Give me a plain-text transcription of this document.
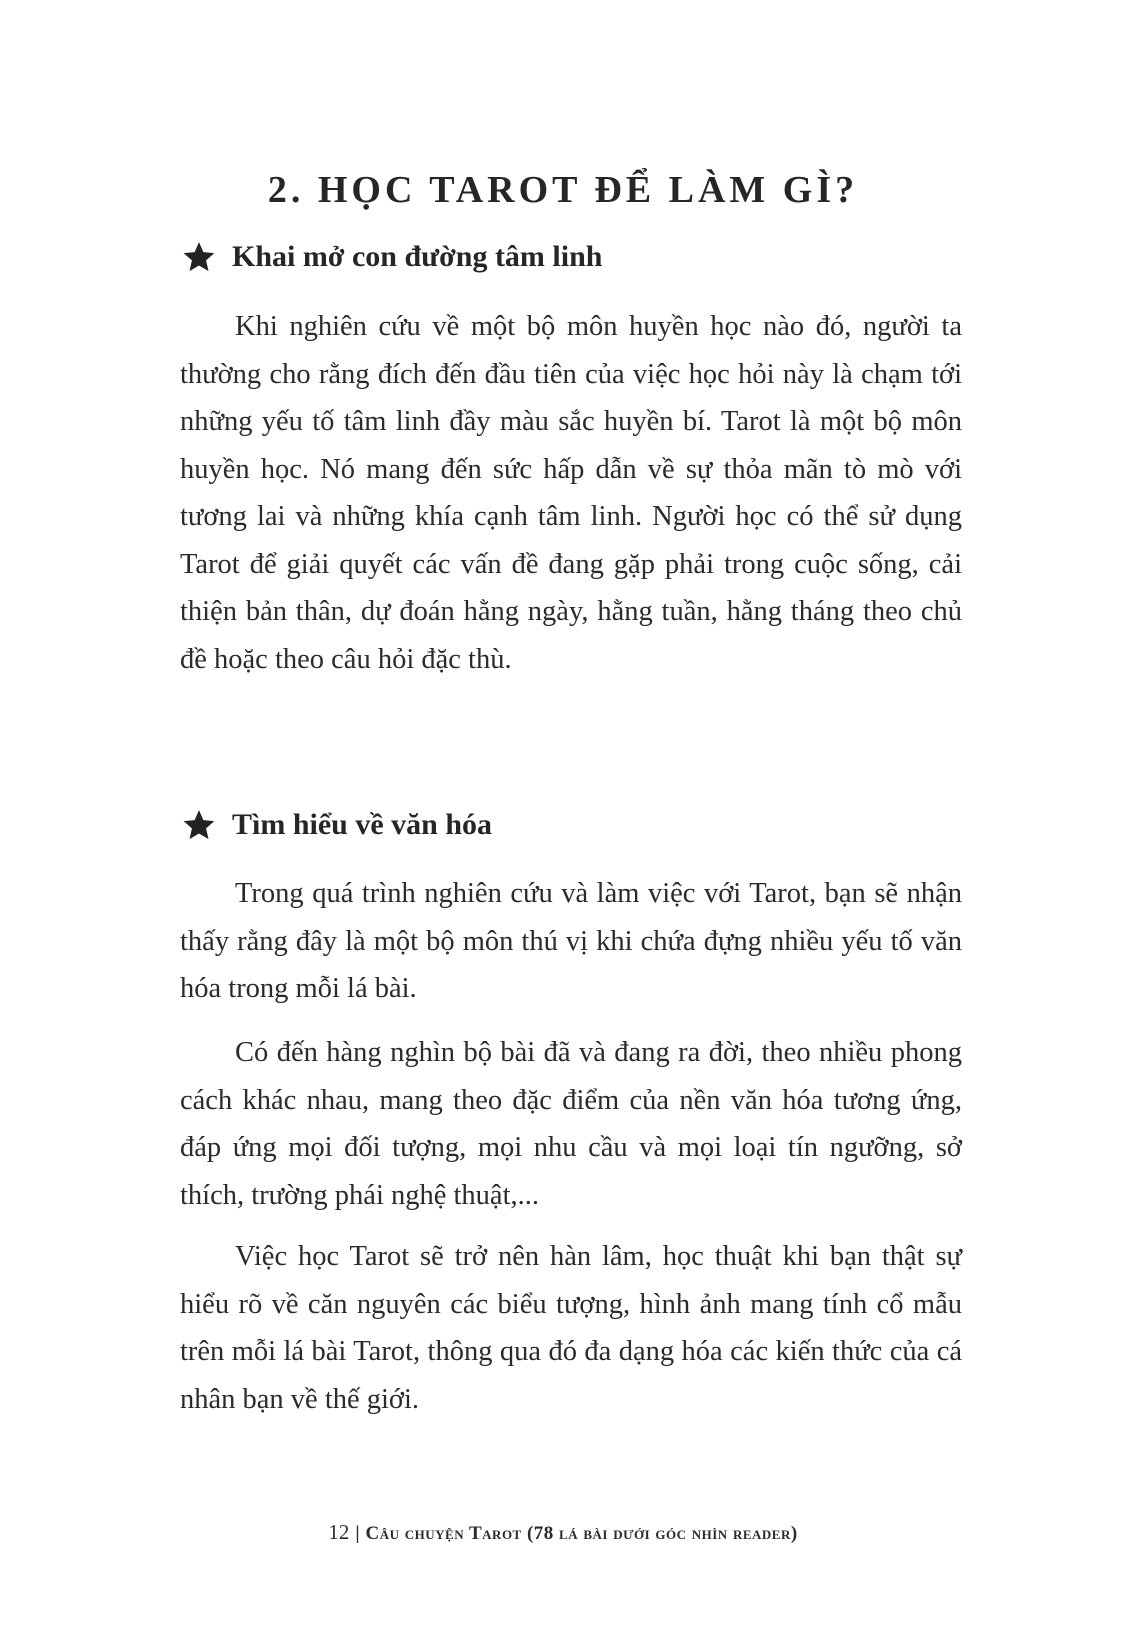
2. HỌC TAROT ĐỂ LÀM GÌ?
Khai mở con đường tâm linh

Khi nghiên cứu về một bộ môn huyền học nào đó, người ta thường cho rằng đích đến đầu tiên của việc học hỏi này là chạm tới những yếu tố tâm linh đầy màu sắc huyền bí. Tarot là một bộ môn huyền học. Nó mang đến sức hấp dẫn về sự thỏa mãn tò mò với tương lai và những khía cạnh tâm linh. Người học có thể sử dụng Tarot để giải quyết các vấn đề đang gặp phải trong cuộc sống, cải thiện bản thân, dự đoán hằng ngày, hằng tuần, hằng tháng theo chủ đề hoặc theo câu hỏi đặc thù.

Tìm hiểu về văn hóa

Trong quá trình nghiên cứu và làm việc với Tarot, bạn sẽ nhận thấy rằng đây là một bộ môn thú vị khi chứa đựng nhiều yếu tố văn hóa trong mỗi lá bài.

Có đến hàng nghìn bộ bài đã và đang ra đời, theo nhiều phong cách khác nhau, mang theo đặc điểm của nền văn hóa tương ứng, đáp ứng mọi đối tượng, mọi nhu cầu và mọi loại tín ngưỡng, sở thích, trường phái nghệ thuật,...

Việc học Tarot sẽ trở nên hàn lâm, học thuật khi bạn thật sự hiểu rõ về căn nguyên các biểu tượng, hình ảnh mang tính cổ mẫu trên mỗi lá bài Tarot, thông qua đó đa dạng hóa các kiến thức của cá nhân bạn về thế giới.

12 | Câu chuyện Tarot (78 lá bài dưới góc nhìn reader)
